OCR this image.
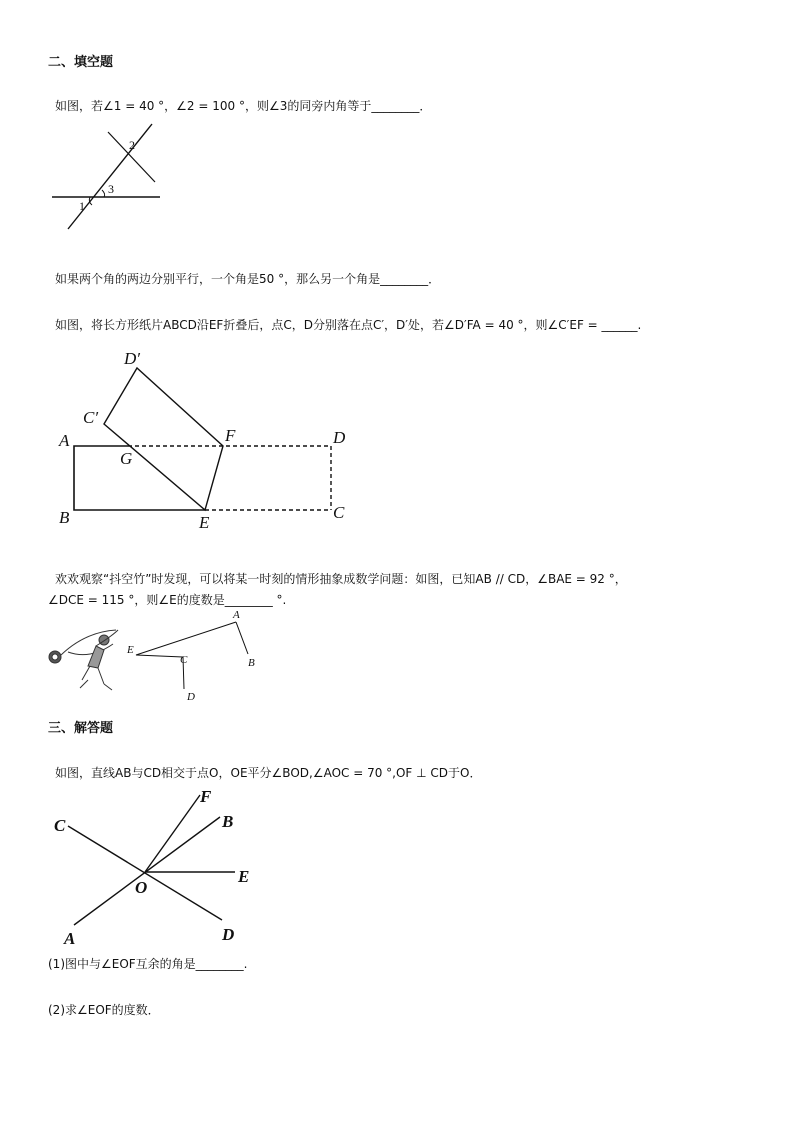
二、填空题
如图，若∠1 = 40 °，∠2 = 100 °，则∠3的同旁内角等于________．
2
3
1
如果两个角的两边分别平行，一个角是50 °，那么另一个角是________．
如图，将长方形纸片ABCD沿EF折叠后，点C，D分别落在点C′，D′处，若∠D′FA = 40 °，则∠C′EF = ______.
D′
C′
A
G
F	D
B	E
C
欢欢观察“抖空竹”时发现，可以将某一时刻的情形抽象成数学问题：如图，已知AB // CD，∠BAE = 92 °，
∠DCE = 115 °，则∠E的度数是________ °.
A
E
C	B
D
三、解答题
如图，直线AB与CD相交于点O，OE平分∠BOD,∠AOC = 70 °,OF ⊥ CD于O．
F
C	B
E
O
D
A
(1)图中与∠EOF互余的角是________.
(2)求∠EOF的度数．
